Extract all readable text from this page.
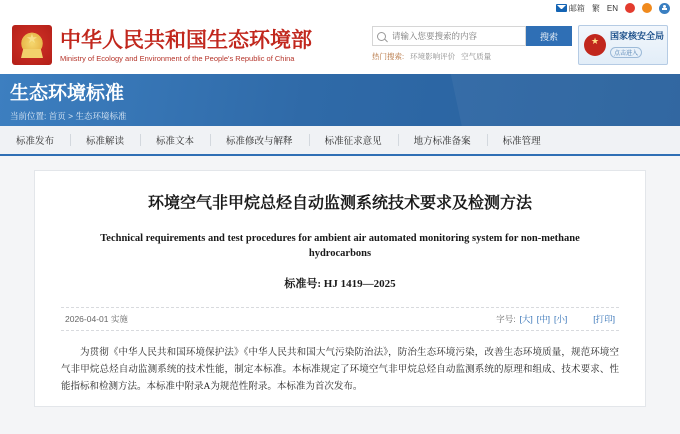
邮箱 繁 EN
★
中华人民共和国生态环境部
Ministry of Ecology and Environment of the People's Republic of China
请输入您要搜索的内容
搜索
热门搜索: 环境影响评价 空气质量
★
国家核安全局
点击进入
生态环境标准
当前位置: 首页 > 生态环境标准
标准发布	标准解读	标准文本	标准修改与解释	标准征求意见	地方标准备案	标准管理
环境空气非甲烷总烃自动监测系统技术要求及检测方法
Technical requirements and test procedures for ambient air automated monitoring system for non-methane hydrocarbons
标准号: HJ 1419—2025
2026-04-01 实施	字号: [大] [中] [小]	[打印]
为贯彻《中华人民共和国环境保护法》《中华人民共和国大气污染防治法》，防治生态环境污染，改善生态环境质量，规范环境空气非甲烷总烃自动监测系统的技术性能，制定本标准。本标准规定了环境空气非甲烷总烃自动监测系统的原理和组成、技术要求、性能指标和检测方法。本标准中附录A为规范性附录。本标准为首次发布。
